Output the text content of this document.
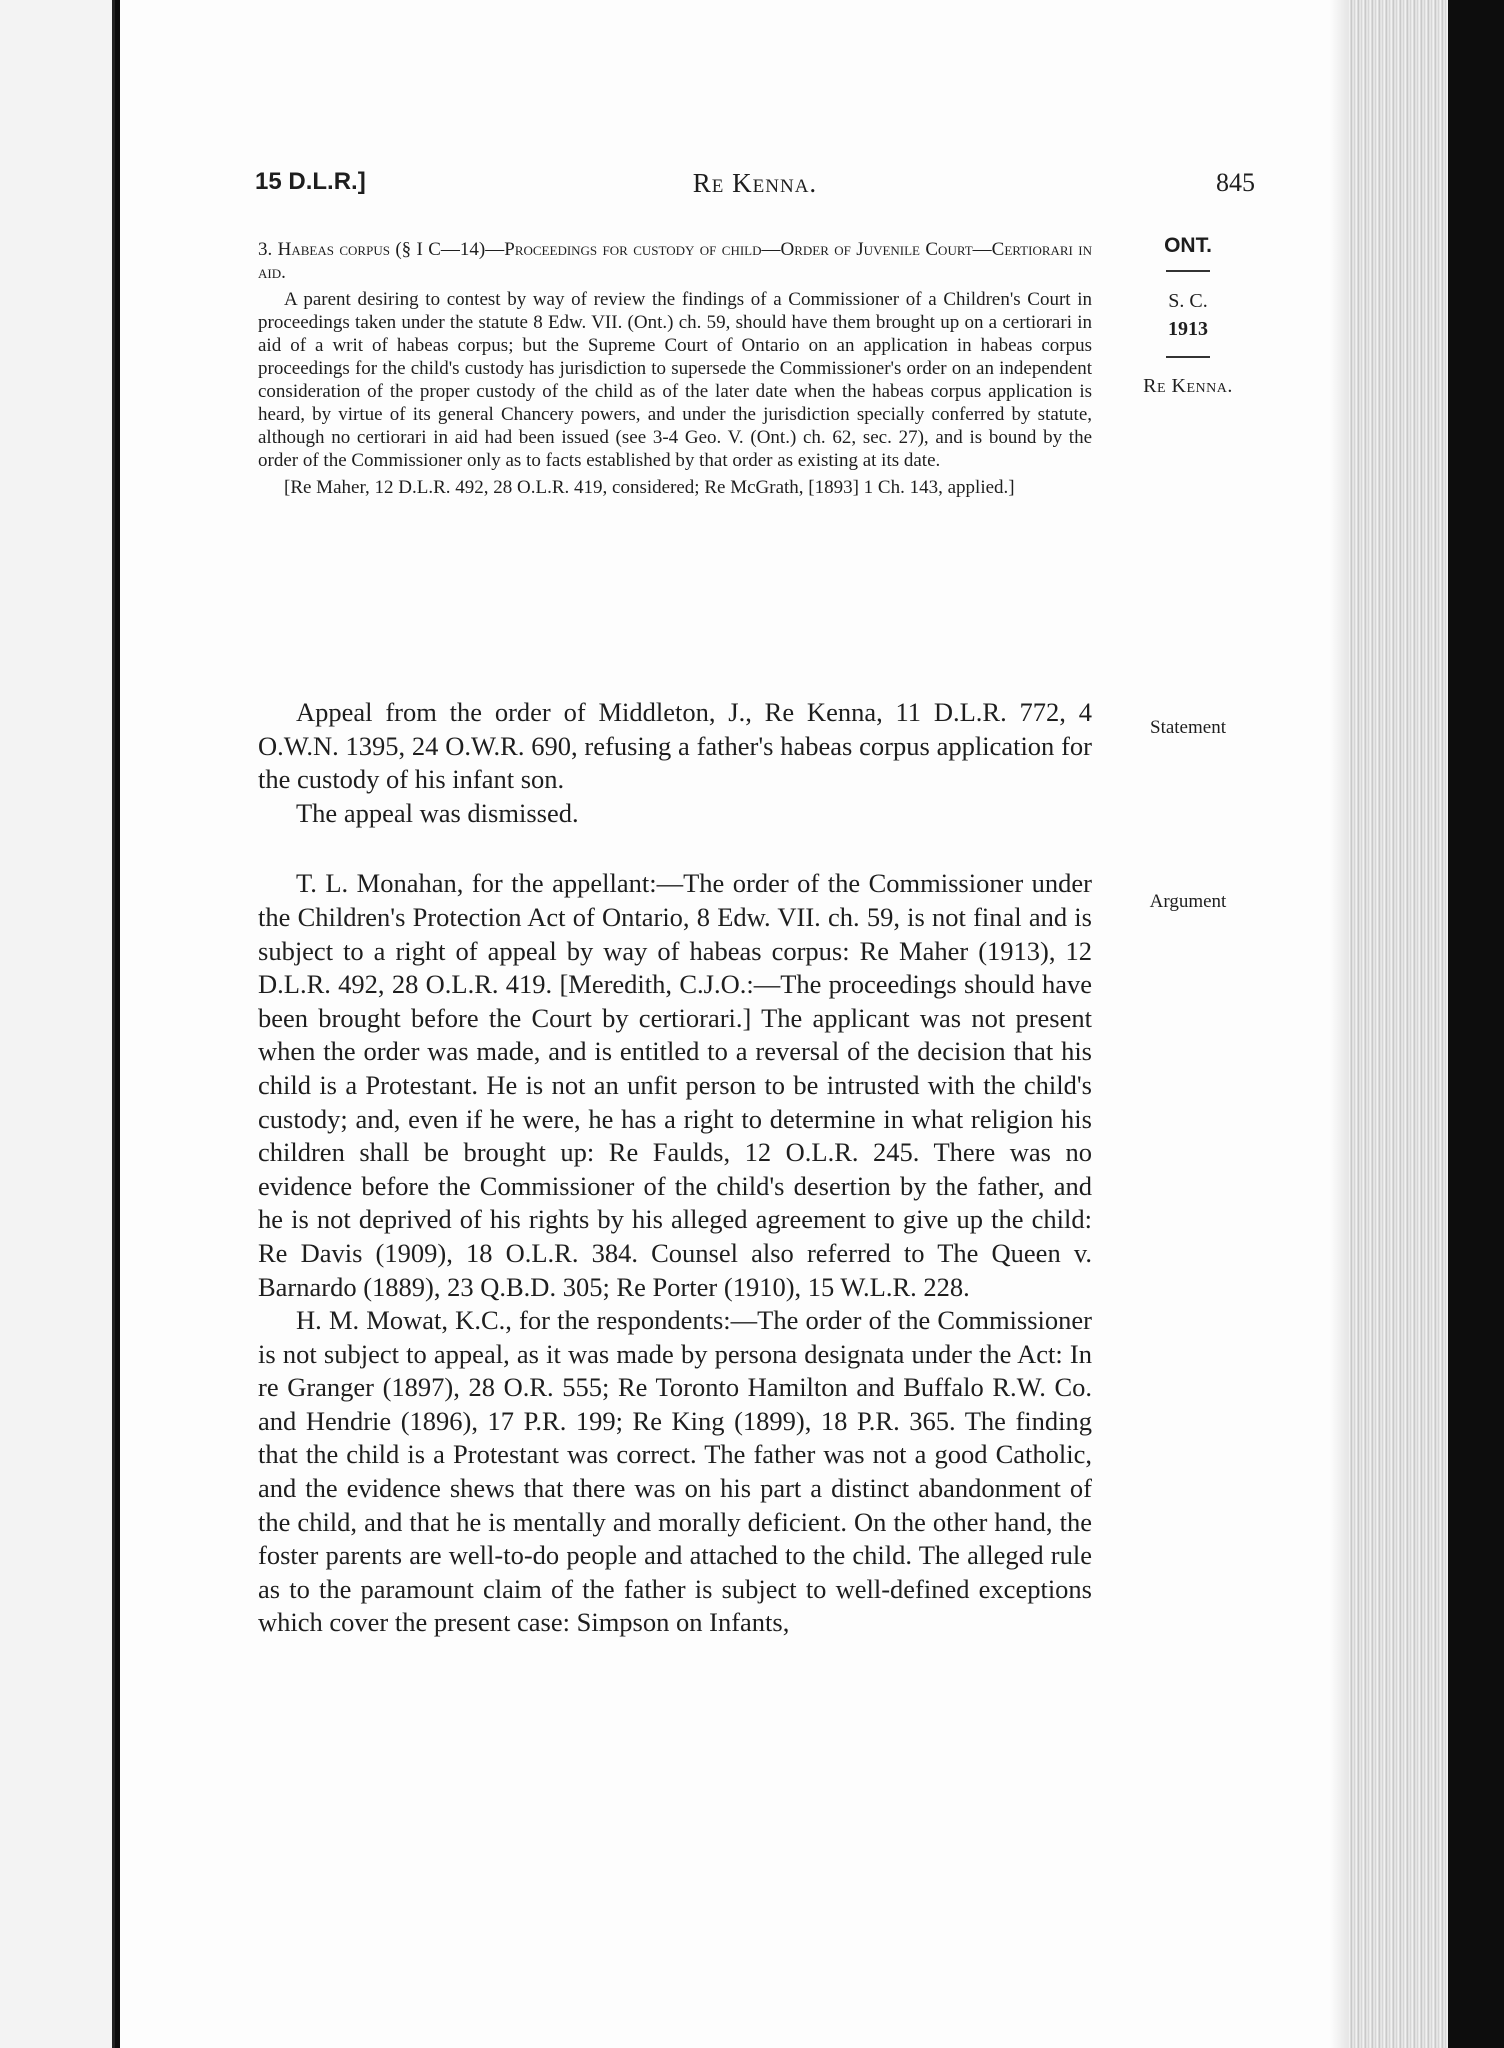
15 D.L.R.]	Re Kenna.	845
ONT.
S. C.
1913
Re Kenna.
Statement
Argument

3. Habeas corpus (§ I C—14)—Proceedings for custody of child—Order of Juvenile Court—Certiorari in aid.

A parent desiring to contest by way of review the findings of a Commissioner of a Children's Court in proceedings taken under the statute 8 Edw. VII. (Ont.) ch. 59, should have them brought up on a certiorari in aid of a writ of habeas corpus; but the Supreme Court of Ontario on an application in habeas corpus proceedings for the child's custody has jurisdiction to supersede the Commissioner's order on an independent consideration of the proper custody of the child as of the later date when the habeas corpus application is heard, by virtue of its general Chancery powers, and under the jurisdiction specially conferred by statute, although no certiorari in aid had been issued (see 3-4 Geo. V. (Ont.) ch. 62, sec. 27), and is bound by the order of the Commissioner only as to facts established by that order as existing at its date.

[Re Maher, 12 D.L.R. 492, 28 O.L.R. 419, considered; Re McGrath, [1893] 1 Ch. 143, applied.]

Appeal from the order of Middleton, J., Re Kenna, 11 D.L.R. 772, 4 O.W.N. 1395, 24 O.W.R. 690, refusing a father's habeas corpus application for the custody of his infant son.

The appeal was dismissed.

T. L. Monahan, for the appellant:—The order of the Commissioner under the Children's Protection Act of Ontario, 8 Edw. VII. ch. 59, is not final and is subject to a right of appeal by way of habeas corpus: Re Maher (1913), 12 D.L.R. 492, 28 O.L.R. 419. [Meredith, C.J.O.:—The proceedings should have been brought before the Court by certiorari.] The applicant was not present when the order was made, and is entitled to a reversal of the decision that his child is a Protestant. He is not an unfit person to be intrusted with the child's custody; and, even if he were, he has a right to determine in what religion his children shall be brought up: Re Faulds, 12 O.L.R. 245. There was no evidence before the Commissioner of the child's desertion by the father, and he is not deprived of his rights by his alleged agreement to give up the child: Re Davis (1909), 18 O.L.R. 384. Counsel also referred to The Queen v. Barnardo (1889), 23 Q.B.D. 305; Re Porter (1910), 15 W.L.R. 228.

H. M. Mowat, K.C., for the respondents:—The order of the Commissioner is not subject to appeal, as it was made by persona designata under the Act: In re Granger (1897), 28 O.R. 555; Re Toronto Hamilton and Buffalo R.W. Co. and Hendrie (1896), 17 P.R. 199; Re King (1899), 18 P.R. 365. The finding that the child is a Protestant was correct. The father was not a good Catholic, and the evidence shews that there was on his part a distinct abandonment of the child, and that he is mentally and morally deficient. On the other hand, the foster parents are well-to-do people and attached to the child. The alleged rule as to the paramount claim of the father is subject to well-defined exceptions which cover the present case: Simpson on Infants,
